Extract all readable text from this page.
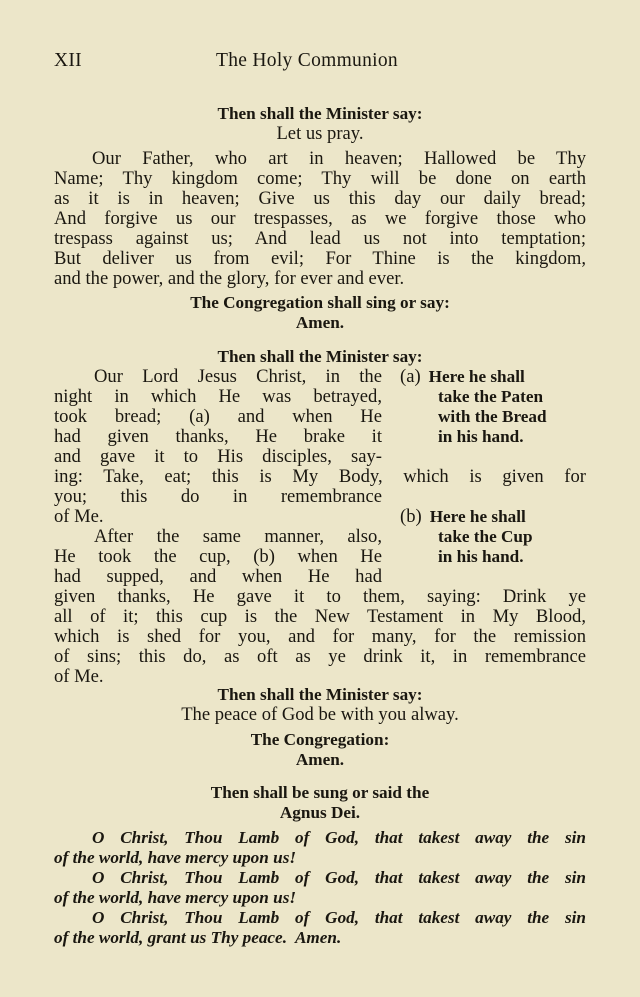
XII	The Holy Communion
Then shall the Minister say:
Let us pray.
Our Father, who art in heaven; Hallowed be Thy
Name; Thy kingdom come; Thy will be done on earth
as it is in heaven; Give us this day our daily bread;
And forgive us our trespasses, as we forgive those who
trespass against us; And lead us not into temptation;
But deliver us from evil; For Thine is the kingdom,
and the power, and the glory, for ever and ever.
The Congregation shall sing or say:
Amen.
Then shall the Minister say:
Our Lord Jesus Christ, in the
night in which He was betrayed,
took bread; (a) and when He
had given thanks, He brake it
and gave it to His disciples, say-
ing: Take, eat; this is My Body, which is given for
you; this do in remembrance
of Me.
After the same manner, also,
He took the cup, (b) when He
had supped, and when He had
given thanks, He gave it to them, saying: Drink ye
all of it; this cup is the New Testament in My Blood,
which is shed for you, and for many, for the remission
of sins; this do, as oft as ye drink it, in remembrance
of Me.
(a) Here he shall
take the Paten
with the Bread
in his hand.
(b) Here he shall
take the Cup
in his hand.
Then shall the Minister say:
The peace of God be with you alway.
The Congregation:
Amen.
Then shall be sung or said the
Agnus Dei.
O Christ, Thou Lamb of God, that takest away the sin
of the world, have mercy upon us!
O Christ, Thou Lamb of God, that takest away the sin
of the world, have mercy upon us!
O Christ, Thou Lamb of God, that takest away the sin
of the world, grant us Thy peace.  Amen.
